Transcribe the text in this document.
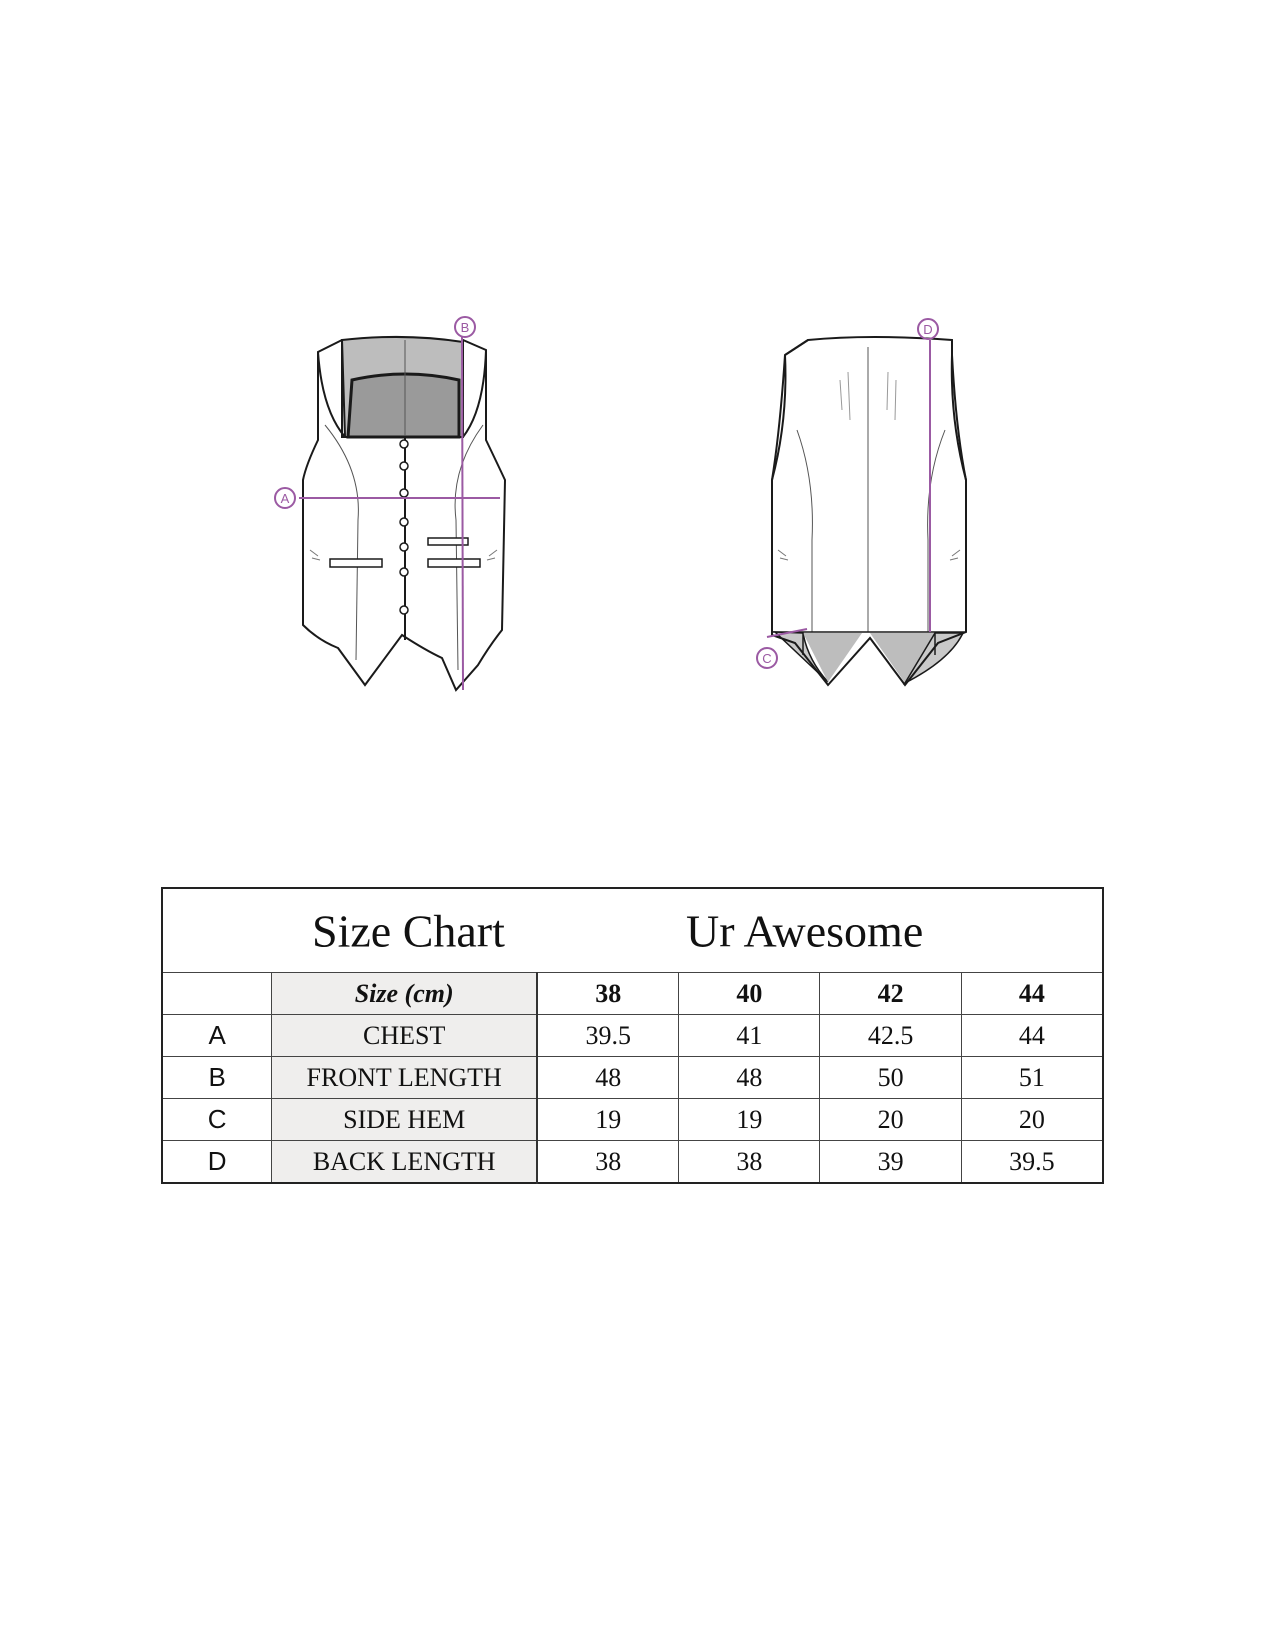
A
B	D
C
Size Chart Ur Awesome					

	Size (cm)	38	40	42	44
A	CHEST	39.5	41	42.5	44
B	FRONT LENGTH	48	48	50	51
C	SIDE HEM	19	19	20	20
D	BACK LENGTH	38	38	39	39.5
